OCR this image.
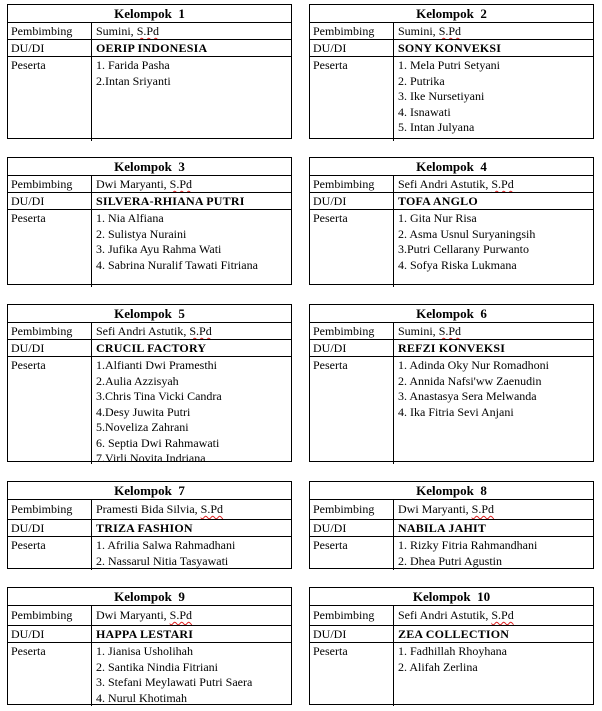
Kelompok  1
Pembimbing	Sumini, S.Pd
DU/DI	OERIP INDONESIA
Peserta	1. Farida Pasha
2.Intan Sriyanti
Kelompok  2
Pembimbing	Sumini, S.Pd
DU/DI	SONY KONVEKSI
Peserta	1. Mela Putri Setyani
2. Putrika
3. Ike Nursetiyani
4. Isnawati
5. Intan Julyana
Kelompok  3
Pembimbing	Dwi Maryanti, S.Pd
DU/DI	SILVERA-RHIANA PUTRI
Peserta	1. Nia Alfiana
2. Sulistya Nuraini
3. Jufika Ayu Rahma Wati
4. Sabrina Nuralif Tawati Fitriana
Kelompok  4
Pembimbing	Sefi Andri Astutik, S.Pd
DU/DI	TOFA ANGLO
Peserta	1. Gita Nur Risa
2. Asma Usnul Suryaningsih
3.Putri Cellarany Purwanto
4. Sofya Riska Lukmana
Kelompok  5
Pembimbing	Sefi Andri Astutik, S.Pd
DU/DI	CRUCIL FACTORY
Peserta	1.Alfianti Dwi Pramesthi
2.Aulia Azzisyah
3.Chris Tina Vicki Candra
4.Desy Juwita Putri
5.Noveliza Zahrani
6. Septia Dwi Rahmawati
7.Virli Novita Indriana
Kelompok  6
Pembimbing	Sumini, S.Pd
DU/DI	REFZI KONVEKSI
Peserta	1. Adinda Oky Nur Romadhoni
2. Annida Nafsi'ww Zaenudin
3. Anastasya Sera Melwanda
4. Ika Fitria Sevi Anjani
Kelompok  7
Pembimbing	Pramesti Bida Silvia, S.Pd
DU/DI	TRIZA FASHION
Peserta	1. Afrilia Salwa Rahmadhani
2. Nassarul Nitia Tasyawati
Kelompok  8
Pembimbing	Dwi Maryanti, S.Pd
DU/DI	NABILA JAHIT
Peserta	1. Rizky Fitria Rahmandhani
2. Dhea Putri Agustin
Kelompok  9
Pembimbing	Dwi Maryanti, S.Pd
DU/DI	HAPPA LESTARI
Peserta	1. Jianisa Usholihah
2. Santika Nindia Fitriani
3. Stefani Meylawati Putri Saera
4. Nurul Khotimah
Kelompok  10
Pembimbing	Sefi Andri Astutik, S.Pd
DU/DI	ZEA COLLECTION
Peserta	1. Fadhillah Rhoyhana
2. Alifah Zerlina
